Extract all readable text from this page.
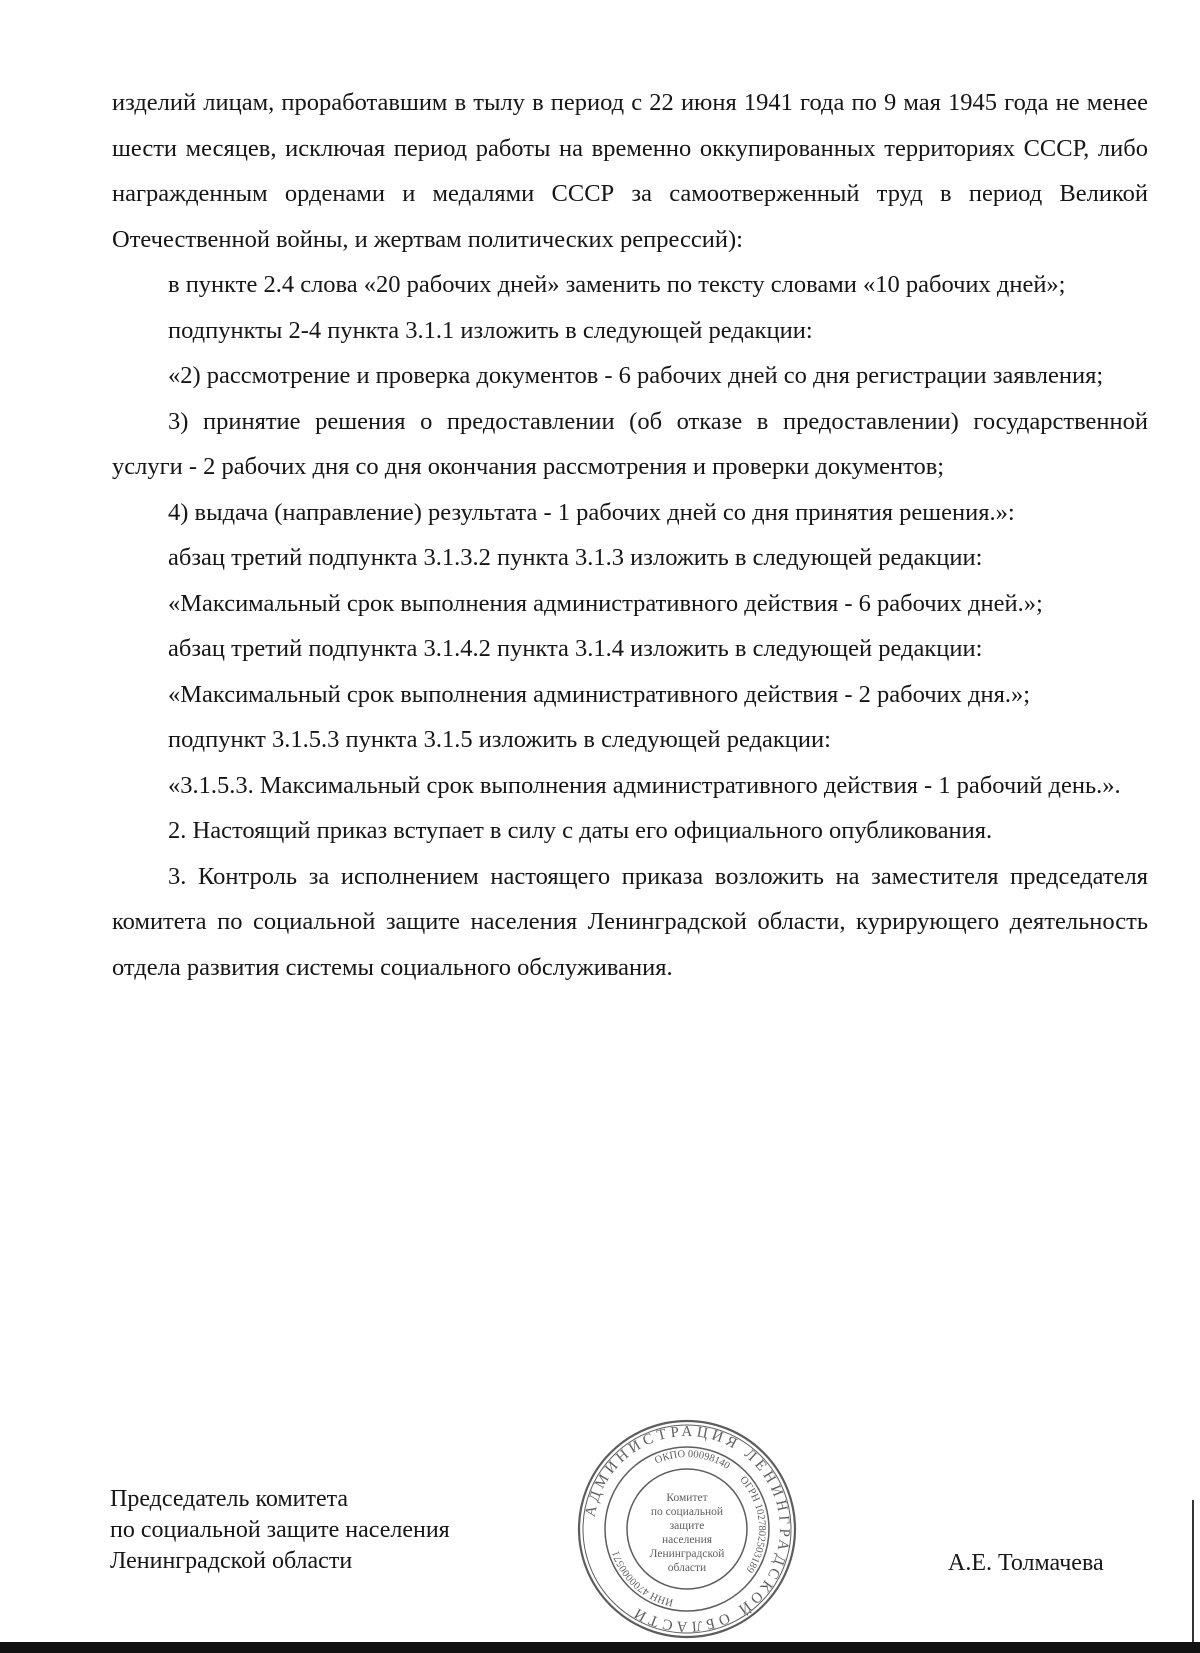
изделий лицам, проработавшим в тылу в период с 22 июня 1941 года по 9 мая 1945 года не менее шести месяцев, исключая период работы на временно оккупированных территориях СССР, либо награжденным орденами и медалями СССР за самоотверженный труд в период Великой Отечественной войны, и жертвам политических репрессий):

в пункте 2.4 слова «20 рабочих дней» заменить по тексту словами «10 рабочих дней»;

подпункты 2-4 пункта 3.1.1 изложить в следующей редакции:

«2) рассмотрение и проверка документов - 6 рабочих дней со дня регистрации заявления;

3) принятие решения о предоставлении (об отказе в предоставлении) государственной услуги - 2 рабочих дня со дня окончания рассмотрения и проверки документов;

4) выдача (направление) результата - 1 рабочих дней со дня принятия решения.»:

абзац третий подпункта 3.1.3.2 пункта 3.1.3 изложить в следующей редакции:

«Максимальный срок выполнения административного действия - 6 рабочих дней.»;

абзац третий подпункта 3.1.4.2 пункта 3.1.4 изложить в следующей редакции:

«Максимальный срок выполнения административного действия - 2 рабочих дня.»;

подпункт 3.1.5.3 пункта 3.1.5 изложить в следующей редакции:

«3.1.5.3. Максимальный срок выполнения административного действия - 1 рабочий день.».

2. Настоящий приказ вступает в силу с даты его официального опубликования.

3. Контроль за исполнением настоящего приказа возложить на заместителя председателя комитета по социальной защите населения Ленинградской области, курирующего деятельность отдела развития системы социального обслуживания.

Председатель комитета
по социальной защите населения
Ленинградской области
АДМИНИСТРАЦИЯ ЛЕНИНГРАДСКОЙ ОБЛАСТИ
ОКПО 00098140
ОГРН 1027802503189
ИНН 4700000571
Комитет
по социальной
защите
населения
Ленинградской
области	А.Е. Толмачева
